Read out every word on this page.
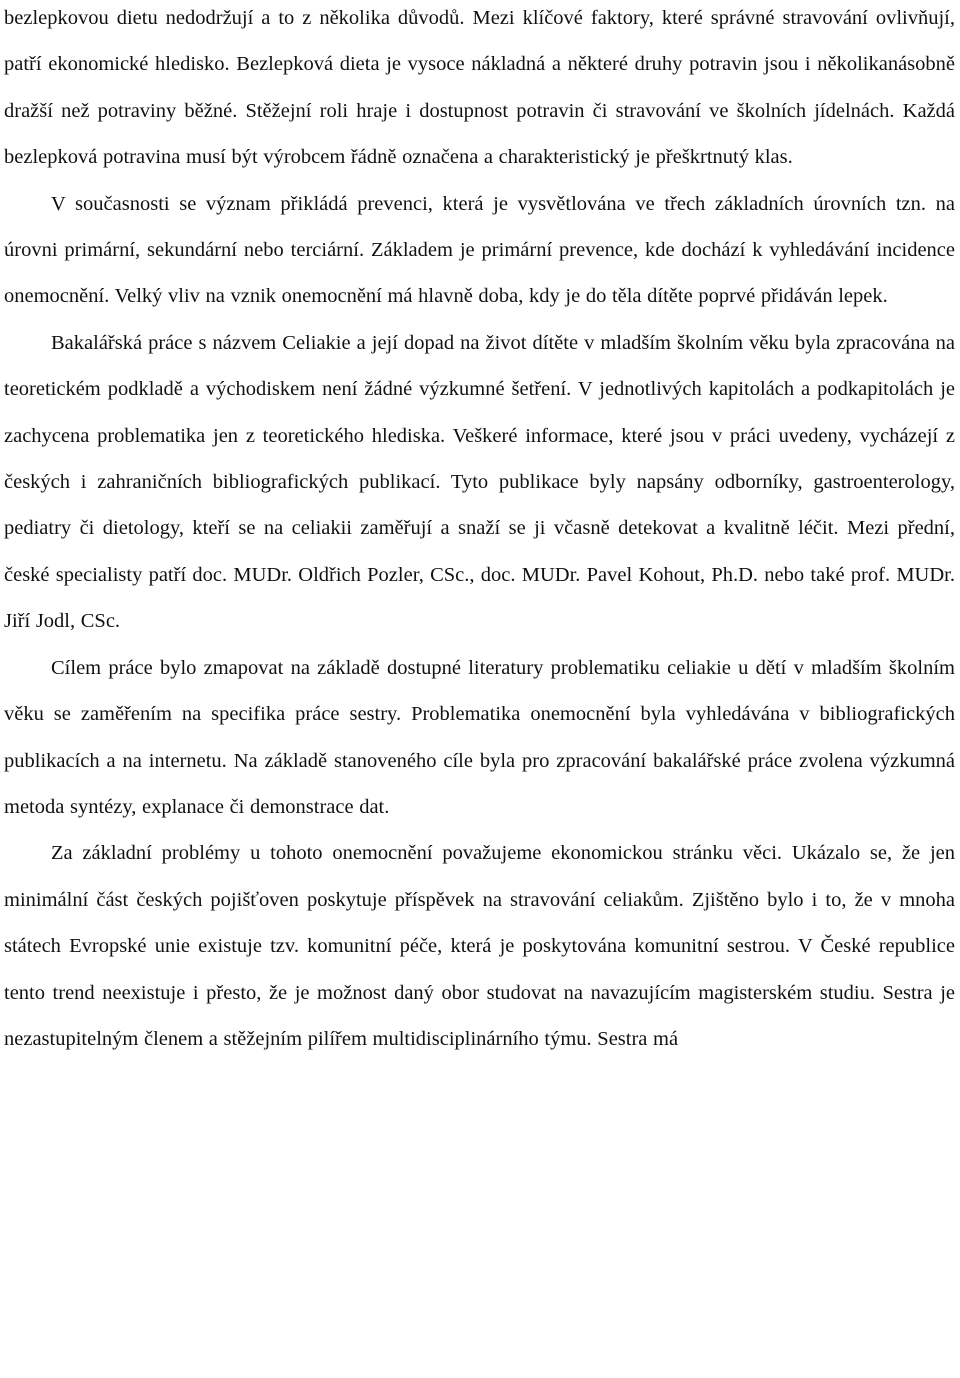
bezlepkovou dietu nedodržují a to z několika důvodů. Mezi klíčové faktory, které správné stravování ovlivňují, patří ekonomické hledisko. Bezlepková dieta je vysoce nákladná a některé druhy potravin jsou i několikanásobně dražší než potraviny běžné. Stěžejní roli hraje i dostupnost potravin či stravování ve školních jídelnách. Každá bezlepková potravina musí být výrobcem řádně označena a charakteristický je přeškrtnutý klas.

V současnosti se význam přikládá prevenci, která je vysvětlována ve třech základních úrovních tzn. na úrovni primární, sekundární nebo terciární. Základem je primární prevence, kde dochází k vyhledávání incidence onemocnění. Velký vliv na vznik onemocnění má hlavně doba, kdy je do těla dítěte poprvé přidáván lepek.

Bakalářská práce s názvem Celiakie a její dopad na život dítěte v mladším školním věku byla zpracována na teoretickém podkladě a východiskem není žádné výzkumné šetření. V jednotlivých kapitolách a podkapitolách je zachycena problematika jen z teoretického hlediska. Veškeré informace, které jsou v práci uvedeny, vycházejí z českých i zahraničních bibliografických publikací. Tyto publikace byly napsány odborníky, gastroenterology, pediatry či dietology, kteří se na celiakii zaměřují a snaží se ji včasně detekovat a kvalitně léčit. Mezi přední, české specialisty patří doc. MUDr. Oldřich Pozler, CSc., doc. MUDr. Pavel Kohout, Ph.D. nebo také prof. MUDr. Jiří Jodl, CSc.

Cílem práce bylo zmapovat na základě dostupné literatury problematiku celiakie u dětí v mladším školním věku se zaměřením na specifika práce sestry. Problematika onemocnění byla vyhledávána v bibliografických publikacích a na internetu. Na základě stanoveného cíle byla pro zpracování bakalářské práce zvolena výzkumná metoda syntézy, explanace či demonstrace dat.

Za základní problémy u tohoto onemocnění považujeme ekonomickou stránku věci. Ukázalo se, že jen minimální část českých pojišťoven poskytuje příspěvek na stravování celiakům. Zjištěno bylo i to, že v mnoha státech Evropské unie existuje tzv. komunitní péče, která je poskytována komunitní sestrou. V České republice tento trend neexistuje i přesto, že je možnost daný obor studovat na navazujícím magisterském studiu. Sestra je nezastupitelným členem a stěžejním pilířem multidisciplinárního týmu. Sestra má
